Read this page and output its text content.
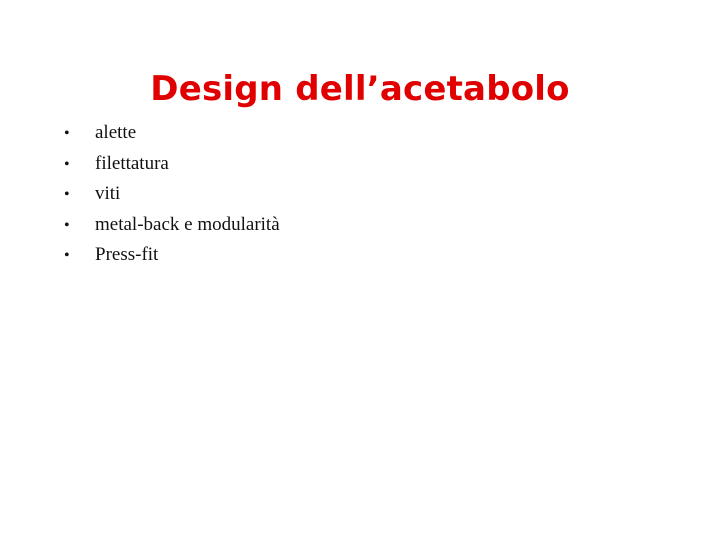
Design dell’acetabolo
•	alette
•	filettatura
•	viti
•	metal-back e modularità
•	Press-fit
